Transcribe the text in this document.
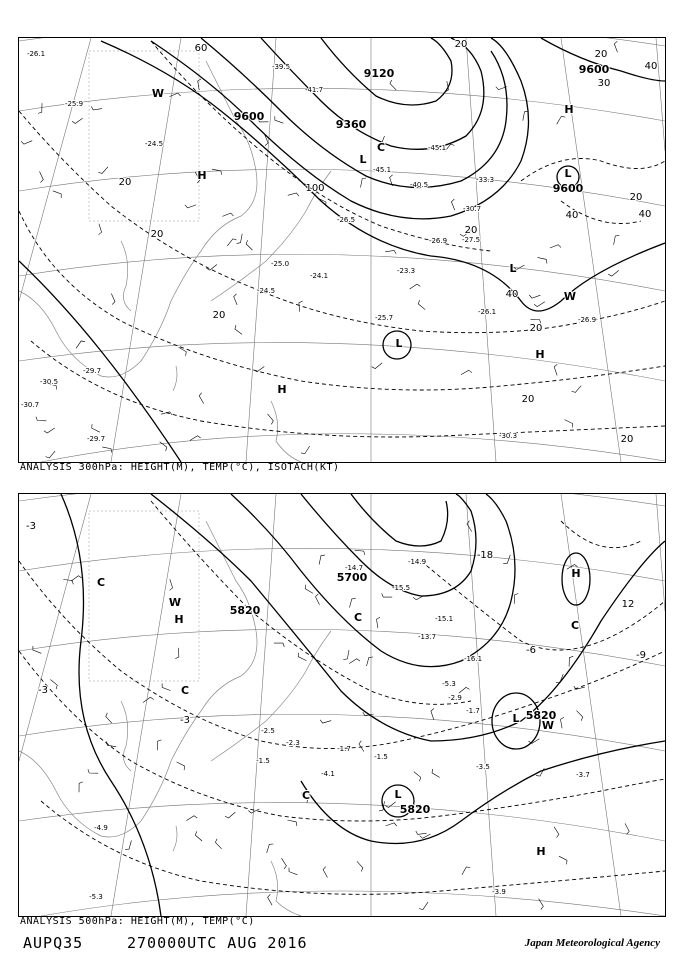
9600
9360
9120
9600
9600
L
L
L
L
H
H
H
H
C
W
W
20
20
20
20
20
20
20
40
40
40
40
20
20
30
100
60	20
-26.1
-25.9
-24.5
-25.0
-24.1
-24.5
-23.3
-26.5
-26.9 -27.5
-45.1
-45.1
-40.5
-33.3
-30.7
-26.9
-26.1
-25.7
-29.7
-30.5
-30.7
-29.7	-30.3
-41.7
-39.5
ANALYSIS 300hPa: HEIGHT(M), TEMP(°C), ISOTACH(KT)
5700
5820
5820
5820
H
H
H
L
L
C
W
C
C
W
C
C
-3
-3
-3
-6	-9
12
-18
-14.7
-14.9
-15.5
-15.1
-13.7
-16.1
-5.3
-2.9
-1.7
-1.7
-1.5
-3.5
-3.7
-3.9
-4.9
-2.5
-2.3
-1.5
-4.1
-5.3
ANALYSIS 500hPa: HEIGHT(M), TEMP(°C)
AUPQ35	270000UTC AUG 2016	Japan Meteorological Agency
